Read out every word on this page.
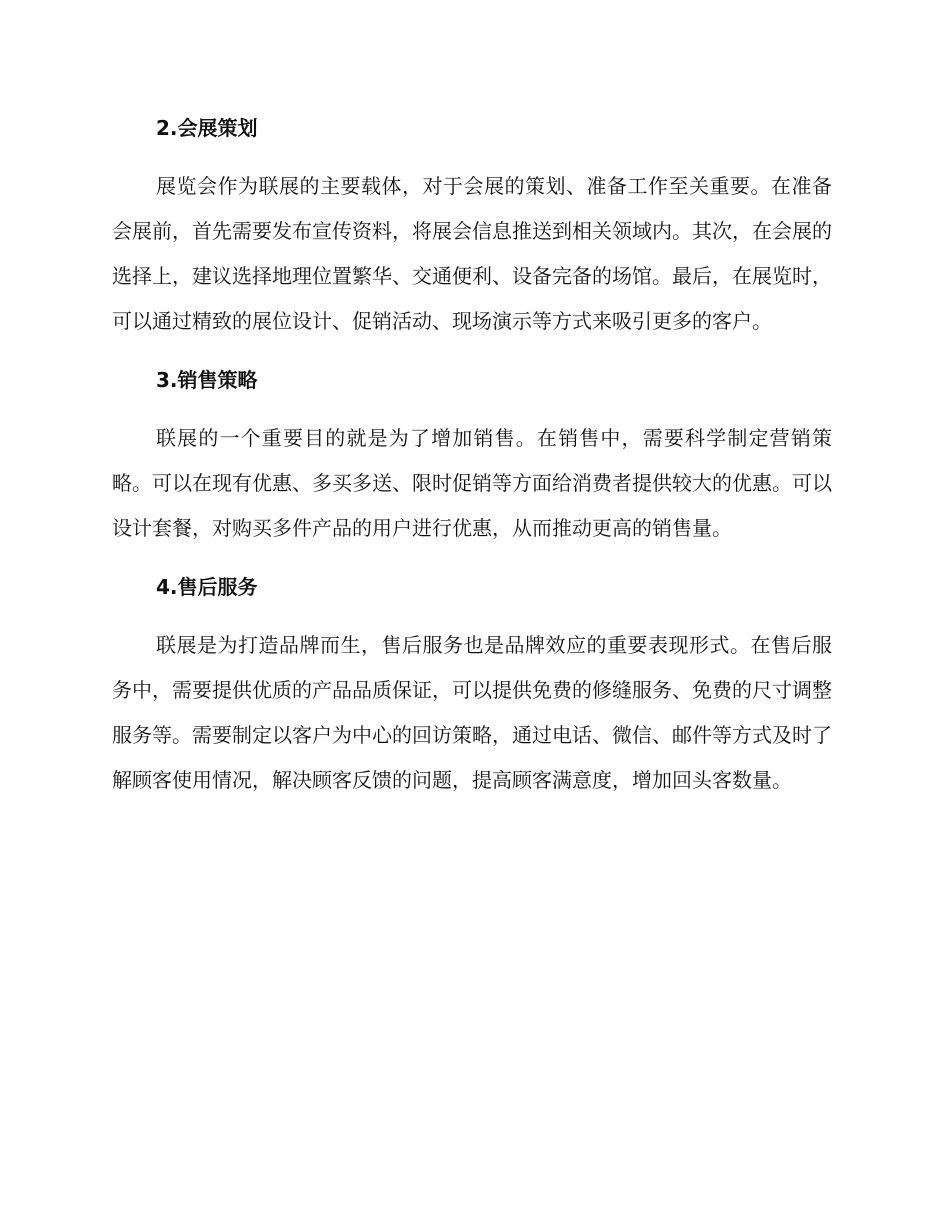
2.会展策划

展览会作为联展的主要载体，对于会展的策划、准备工作至关重要。在准备会展前，首先需要发布宣传资料，将展会信息推送到相关领域内。其次，在会展的选择上，建议选择地理位置繁华、交通便利、设备完备的场馆。最后，在展览时，可以通过精致的展位设计、促销活动、现场演示等方式来吸引更多的客户。

3.销售策略

联展的一个重要目的就是为了增加销售。在销售中，需要科学制定营销策略。可以在现有优惠、多买多送、限时促销等方面给消费者提供较大的优惠。可以设计套餐，对购买多件产品的用户进行优惠，从而推动更高的销售量。

4.售后服务

联展是为打造品牌而生，售后服务也是品牌效应的重要表现形式。在售后服务中，需要提供优质的产品品质保证，可以提供免费的修缝服务、免费的尺寸调整服务等。需要制定以客户为中心的回访策略，通过电话、微信、邮件等方式及时了解顾客使用情况，解决顾客反馈的问题，提高顾客满意度，增加回头客数量。
